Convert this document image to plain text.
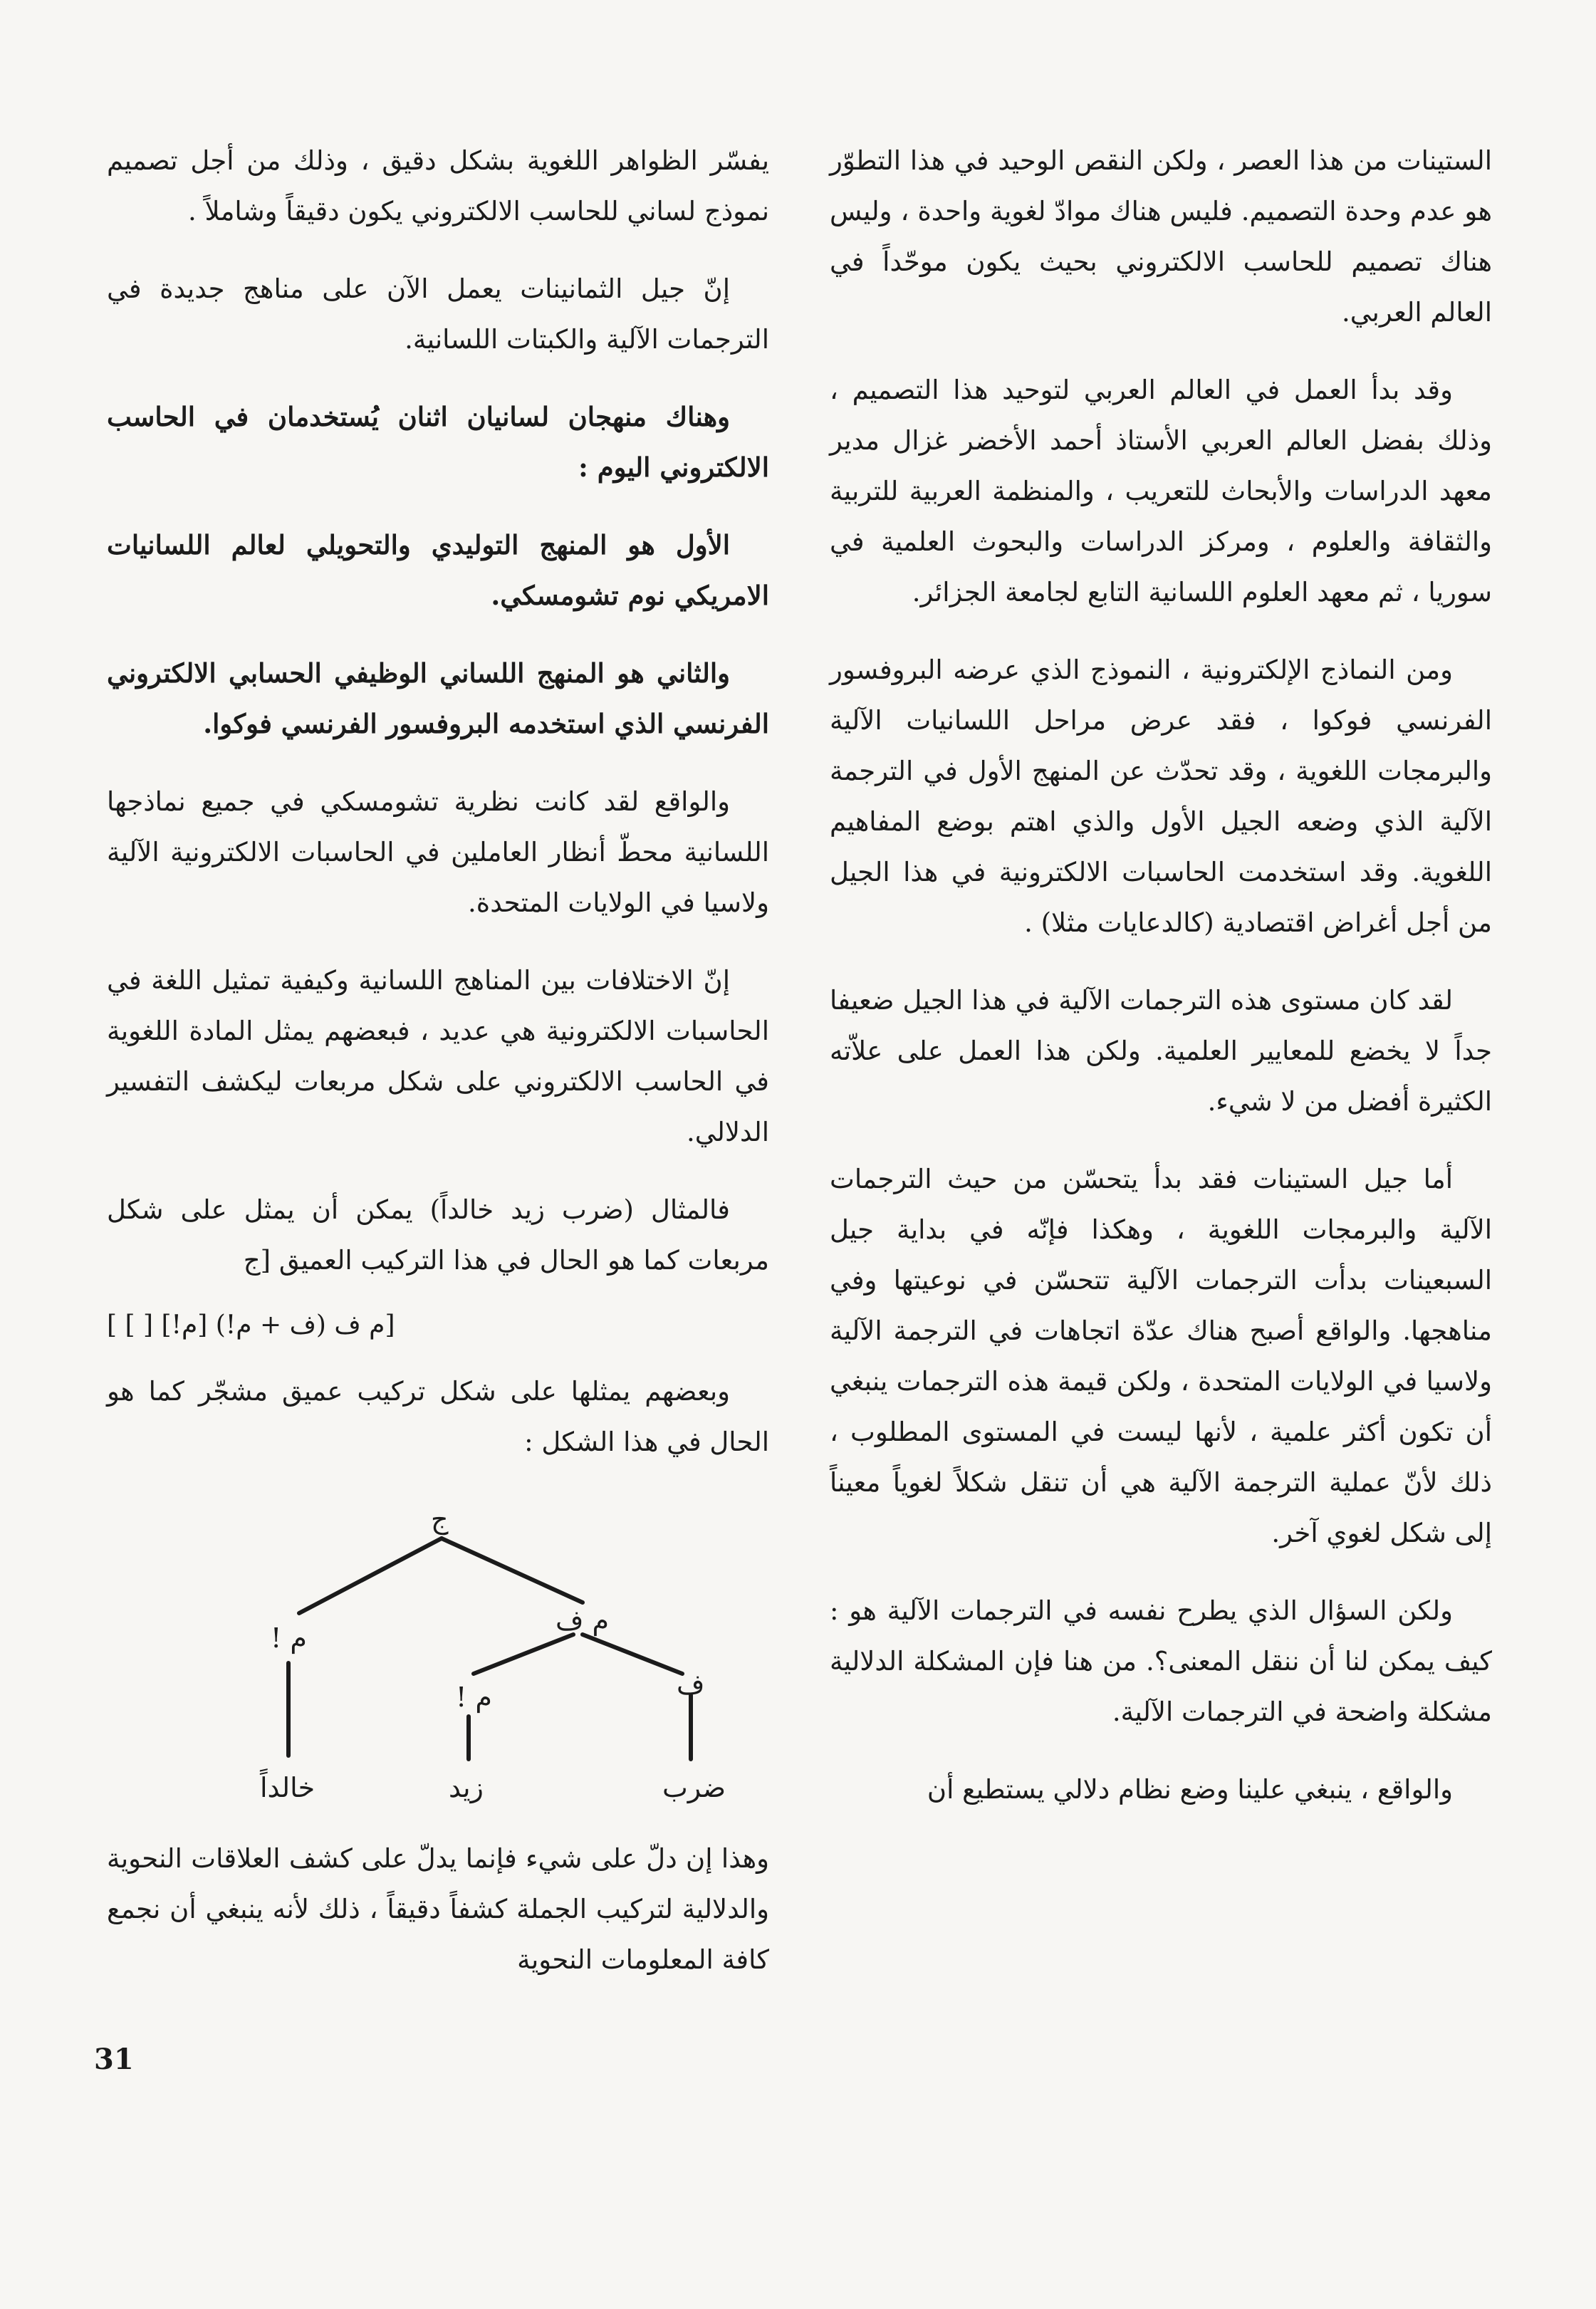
الستينات من هذا العصر ، ولكن النقص الوحيد في هذا التطوّر هو عدم وحدة التصميم. فليس هناك موادّ لغوية واحدة ، وليس هناك تصميم للحاسب الالكتروني بحيث يكون موحّداً في العالم العربي.

وقد بدأ العمل في العالم العربي لتوحيد هذا التصميم ، وذلك بفضل العالم العربي الأستاذ أحمد الأخضر غزال مدير معهد الدراسات والأبحاث للتعريب ، والمنظمة العربية للتربية والثقافة والعلوم ، ومركز الدراسات والبحوث العلمية في سوريا ، ثم معهد العلوم اللسانية التابع لجامعة الجزائر.

ومن النماذج الإلكترونية ، النموذج الذي عرضه البروفسور الفرنسي فوكوا ، فقد عرض مراحل اللسانيات الآلية والبرمجات اللغوية ، وقد تحدّث عن المنهج الأول في الترجمة الآلية الذي وضعه الجيل الأول والذي اهتم بوضع المفاهيم اللغوية. وقد استخدمت الحاسبات الالكترونية في هذا الجيل من أجل أغراض اقتصادية (كالدعايات مثلا) .

لقد كان مستوى هذه الترجمات الآلية في هذا الجيل ضعيفا جداً لا يخضع للمعايير العلمية. ولكن هذا العمل على علاّته الكثيرة أفضل من لا شيء.

أما جيل الستينات فقد بدأ يتحسّن من حيث الترجمات الآلية والبرمجات اللغوية ، وهكذا فإنّه في بداية جيل السبعينات بدأت الترجمات الآلية تتحسّن في نوعيتها وفي مناهجها. والواقع أصبح هناك عدّة اتجاهات في الترجمة الآلية ولاسيا في الولايات المتحدة ، ولكن قيمة هذه الترجمات ينبغي أن تكون أكثر علمية ، لأنها ليست في المستوى المطلوب ، ذلك لأنّ عملية الترجمة الآلية هي أن تنقل شكلاً لغوياً معيناً إلى شكل لغوي آخر.

ولكن السؤال الذي يطرح نفسه في الترجمات الآلية هو : كيف يمكن لنا أن ننقل المعنى؟. من هنا فإن المشكلة الدلالية مشكلة واضحة في الترجمات الآلية.

والواقع ، ينبغي علينا وضع نظام دلالي يستطيع أن

يفسّر الظواهر اللغوية بشكل دقيق ، وذلك من أجل تصميم نموذج لساني للحاسب الالكتروني يكون دقيقاً وشاملاً .

إنّ جيل الثمانينات يعمل الآن على مناهج جديدة في الترجمات الآلية والكبتات اللسانية.

وهناك منهجان لسانيان اثنان يُستخدمان في الحاسب الالكتروني اليوم :

الأول هو المنهج التوليدي والتحويلي لعالم اللسانيات الامريكي نوم تشومسكي.

والثاني هو المنهج اللساني الوظيفي الحسابي الالكتروني الفرنسي الذي استخدمه البروفسور الفرنسي فوكوا.

والواقع لقد كانت نظرية تشومسكي في جميع نماذجها اللسانية محطّ أنظار العاملين في الحاسبات الالكترونية الآلية ولاسيا في الولايات المتحدة.

إنّ الاختلافات بين المناهج اللسانية وكيفية تمثيل اللغة في الحاسبات الالكترونية هي عديد ، فبعضهم يمثل المادة اللغوية في الحاسب الالكتروني على شكل مربعات ليكشف التفسير الدلالي.

فالمثال (ضرب زيد خالداً) يمكن أن يمثل على شكل مربعات كما هو الحال في هذا التركيب العميق [ج

[م ف (ف + م!) [م!] [ ] ]

وبعضهم يمثلها على شكل تركيب عميق مشجّر كما هو الحال في هذا الشكل :

ج
م !
م ف
م !	ف
خالداً	زيد	ضرب

وهذا إن دلّ على شيء فإنما يدلّ على كشف العلاقات النحوية والدلالية لتركيب الجملة كشفاً دقيقاً ، ذلك لأنه ينبغي أن نجمع كافة المعلومات النحوية

31
